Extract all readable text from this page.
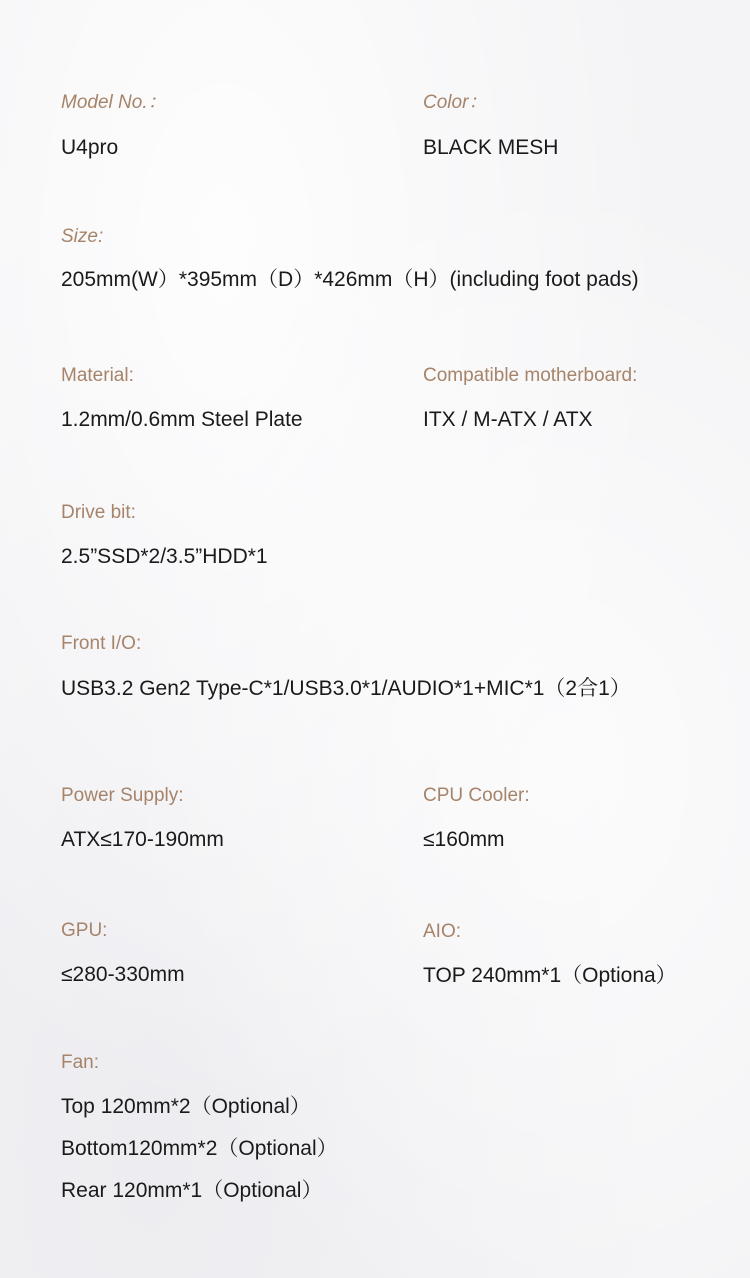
Model No.：
U4pro
Color：
BLACK MESH
Size:
205mm(W）*395mm（D）*426mm（H）(including foot pads)
Material:
1.2mm/0.6mm Steel Plate
Compatible motherboard:
ITX / M-ATX / ATX
Drive bit:
2.5”SSD*2/3.5”HDD*1
Front I/O:
USB3.2 Gen2 Type-C*1/USB3.0*1/AUDIO*1+MIC*1（2合1）
Power Supply:
ATX≤170-190mm
CPU Cooler:
≤160mm
GPU:
≤280-330mm
AIO:
TOP 240mm*1（Optiona）
Fan:
Top 120mm*2（Optional）
Bottom120mm*2（Optional）
Rear 120mm*1（Optional）
